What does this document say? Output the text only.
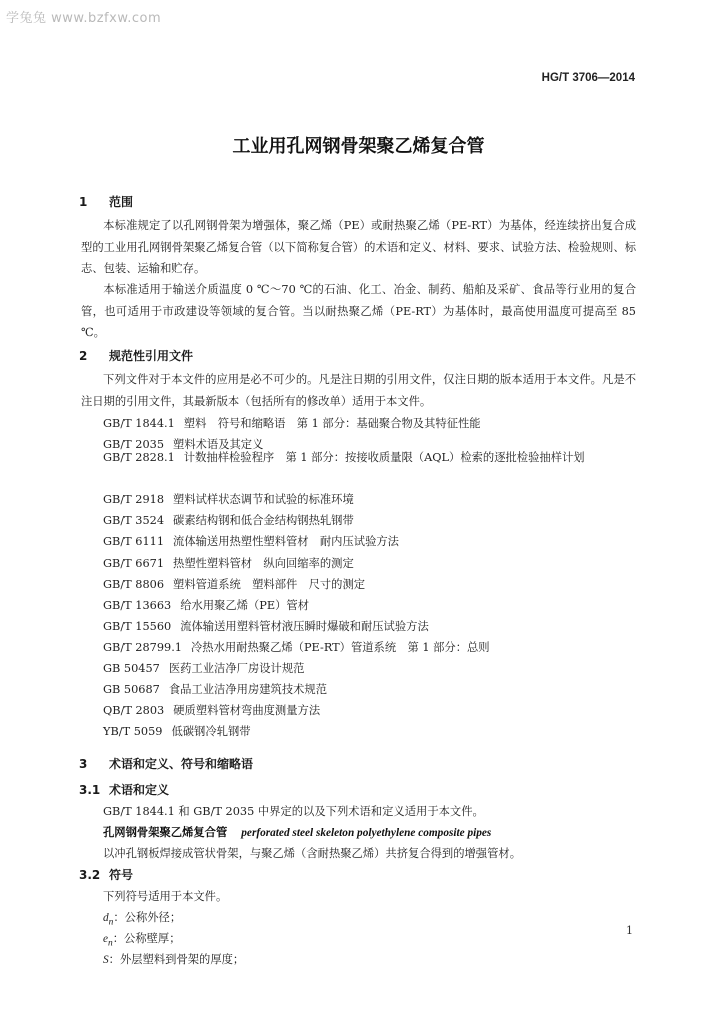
学兔兔 www.bzfxw.com
HG/T 3706—2014
工业用孔网钢骨架聚乙烯复合管
1 范围
本标准规定了以孔网钢骨架为增强体，聚乙烯（PE）或耐热聚乙烯（PE-RT）为基体，经连续挤出复合成型的工业用孔网钢骨架聚乙烯复合管（以下简称复合管）的术语和定义、材料、要求、试验方法、检验规则、标志、包装、运输和贮存。
本标准适用于输送介质温度 0 ℃～70 ℃的石油、化工、冶金、制药、船舶及采矿、食品等行业用的复合管，也可适用于市政建设等领域的复合管。当以耐热聚乙烯（PE-RT）为基体时，最高使用温度可提高至 85 ℃。
2 规范性引用文件
下列文件对于本文件的应用是必不可少的。凡是注日期的引用文件，仅注日期的版本适用于本文件。凡是不注日期的引用文件，其最新版本（包括所有的修改单）适用于本文件。
GB/T 1844.1 塑料　符号和缩略语　第 1 部分：基础聚合物及其特征性能
GB/T 2035 塑料术语及其定义
GB/T 2828.1 计数抽样检验程序　第 1 部分：按接收质量限（AQL）检索的逐批检验抽样计划
GB/T 2918 塑料试样状态调节和试验的标准环境
GB/T 3524 碳素结构钢和低合金结构钢热轧钢带
GB/T 6111 流体输送用热塑性塑料管材　耐内压试验方法
GB/T 6671 热塑性塑料管材　纵向回缩率的测定
GB/T 8806 塑料管道系统　塑料部件　尺寸的测定
GB/T 13663 给水用聚乙烯（PE）管材
GB/T 15560 流体输送用塑料管材液压瞬时爆破和耐压试验方法
GB/T 28799.1 冷热水用耐热聚乙烯（PE-RT）管道系统　第 1 部分：总则
GB 50457 医药工业洁净厂房设计规范
GB 50687 食品工业洁净用房建筑技术规范
QB/T 2803 硬质塑料管材弯曲度测量方法
YB/T 5059 低碳钢冷轧钢带
3 术语和定义、符号和缩略语
3.1 术语和定义
GB/T 1844.1 和 GB/T 2035 中界定的以及下列术语和定义适用于本文件。
孔网钢骨架聚乙烯复合管 perforated steel skeleton polyethylene composite pipes
以冲孔钢板焊接成管状骨架，与聚乙烯（含耐热聚乙烯）共挤复合得到的增强管材。
3.2 符号
下列符号适用于本文件。
$d_n$：公称外径；
$e_n$：公称壁厚；
S：外层塑料到骨架的厚度；
1
